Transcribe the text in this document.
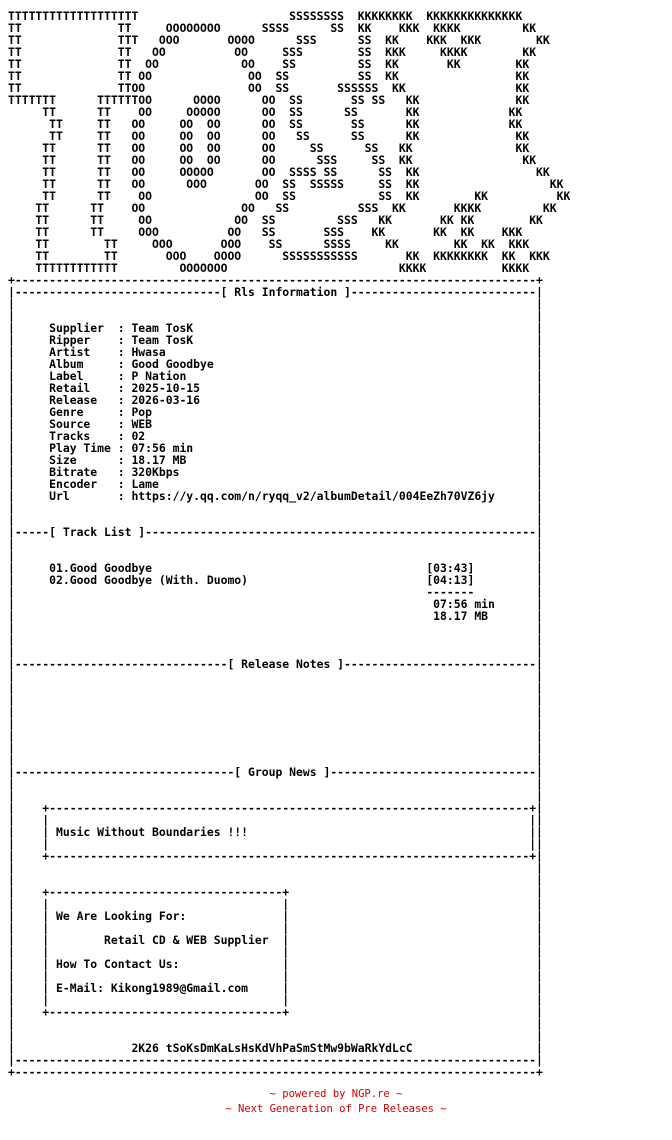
TTTTTTTTTTTTTTTTTTT                      SSSSSSSS  KKKKKKKK  KKKKKKKKKKKKKK
TT              TT     OOOOOOOO      SSSS      SS  KK    KKK  KKKK         KK
TT              TTT   OOO       OOOO      SSS      SS  KK    KKK  KKK        KK
TT              TT   OO          OO     SSS        SS  KKK     KKKK        KK
TT              TT  OO            OO    SS         SS  KK       KK        KK
TT              TT OO              OO  SS          SS  KK                 KK
TT              TTOO               OO  SS       SSSSSS  KK                KK
TTTTTTT      TTTTTTOO      OOOO      OO  SS       SS SS   KK              KK
TT      TT    OO     OOOOO      OO  SS      SS       KK             KK
TT     TT   OO     OO  OO      OO  SS       SS      KK             KK
TT     TT   OO     OO  OO      OO   SS      SS      KK              KK
TT      TT   OO     OO  OO      OO     SS      SS   KK               KK
TT      TT   OO     OO  OO      OO      SSS     SS  KK                KK
TT      TT   OO     OOOOO       OO  SSSS SS      SS  KK                 KK
TT      TT   OO      OOO       OO  SS  SSSSS     SS  KK                   KK
TT      TT    OO               OO  SS            SS  KK        KK          KK
TT      TT    OO              OO   SS          SSS  KK       KKKK         KK
TT      TT     OO            OO  SS         SSS   KK       KK KK        KK
TT      TT     OOO          OO   SS       SSS    KK       KK  KK    KKK
TT        TT     OOO       OOO    SS      SSSS     KK        KK  KK  KKK
TT        TT       OOO    OOOO      SSSSSSSSSSS       KK  KKKKKKKK  KK  KKK
TTTTTTTTTTTT         OOOOOOO                         KKKK           KKKK
+----------------------------------------------------------------------------+
|------------------------------[ Rls Information ]---------------------------|
|                                                                            |
|                                                                            |
|     Supplier  : Team TosK                                                  |
|     Ripper    : Team TosK                                                  |
|     Artist    : Hwasa                                                      |
|     Album     : Good Goodbye                                               |
|     Label     : P Nation                                                   |
|     Retail    : 2025-10-15                                                 |
|     Release   : 2026-03-16                                                 |
|     Genre     : Pop                                                        |
|     Source    : WEB                                                        |
|     Tracks    : 02                                                         |
|     Play Time : 07:56 min                                                  |
|     Size      : 18.17 MB                                                   |
|     Bitrate   : 320Kbps                                                    |
|     Encoder   : Lame                                                       |
|     Url       : https://y.qq.com/n/ryqq_v2/albumDetail/004EeZh70VZ6jy      |
|                                                                            |
|                                                                            |
|-----[ Track List ]---------------------------------------------------------|
|                                                                            |
|                                                                            |
|     01.Good Goodbye                                        [03:43]         |
|     02.Good Goodbye (With. Duomo)                          [04:13]         |
|                                                            -------         |
|                                                             07:56 min      |
|                                                             18.17 MB       |
|                                                                            |
|                                                                            |
|                                                                            |
|-------------------------------[ Release Notes ]----------------------------|
|                                                                            |
|                                                                            |
|                                                                            |
|                                                                            |
|                                                                            |
|                                                                            |
|                                                                            |
|                                                                            |
|--------------------------------[ Group News ]------------------------------|
|                                                                            |
|                                                                            |
|    +----------------------------------------------------------------------+|
|    |                                                                      ||
|    | Music Without Boundaries !!!                                         ||
|    |                                                                      ||
|    +----------------------------------------------------------------------+|
|                                                                            |
|                                                                            |
|    +----------------------------------+                                    |
|    |                                  |                                    |
|    | We Are Looking For:              |                                    |
|    |                                  |                                    |
|    |        Retail CD & WEB Supplier  |                                    |
|    |                                  |                                    |
|    | How To Contact Us:               |                                    |
|    |                                  |                                    |
|    | E-Mail: Kikong1989@Gmail.com     |                                    |
|    |                                  |                                    |
|    +----------------------------------+                                    |
|                                                                            |
|                                                                            |
|                 2K26 tSoKsDmKaLsHsKdVhPaSmStMw9bWaRkYdLcC                  |
|----------------------------------------------------------------------------|
+----------------------------------------------------------------------------+
~ powered by NGP.re ~
~ Next Generation of Pre Releases ~
